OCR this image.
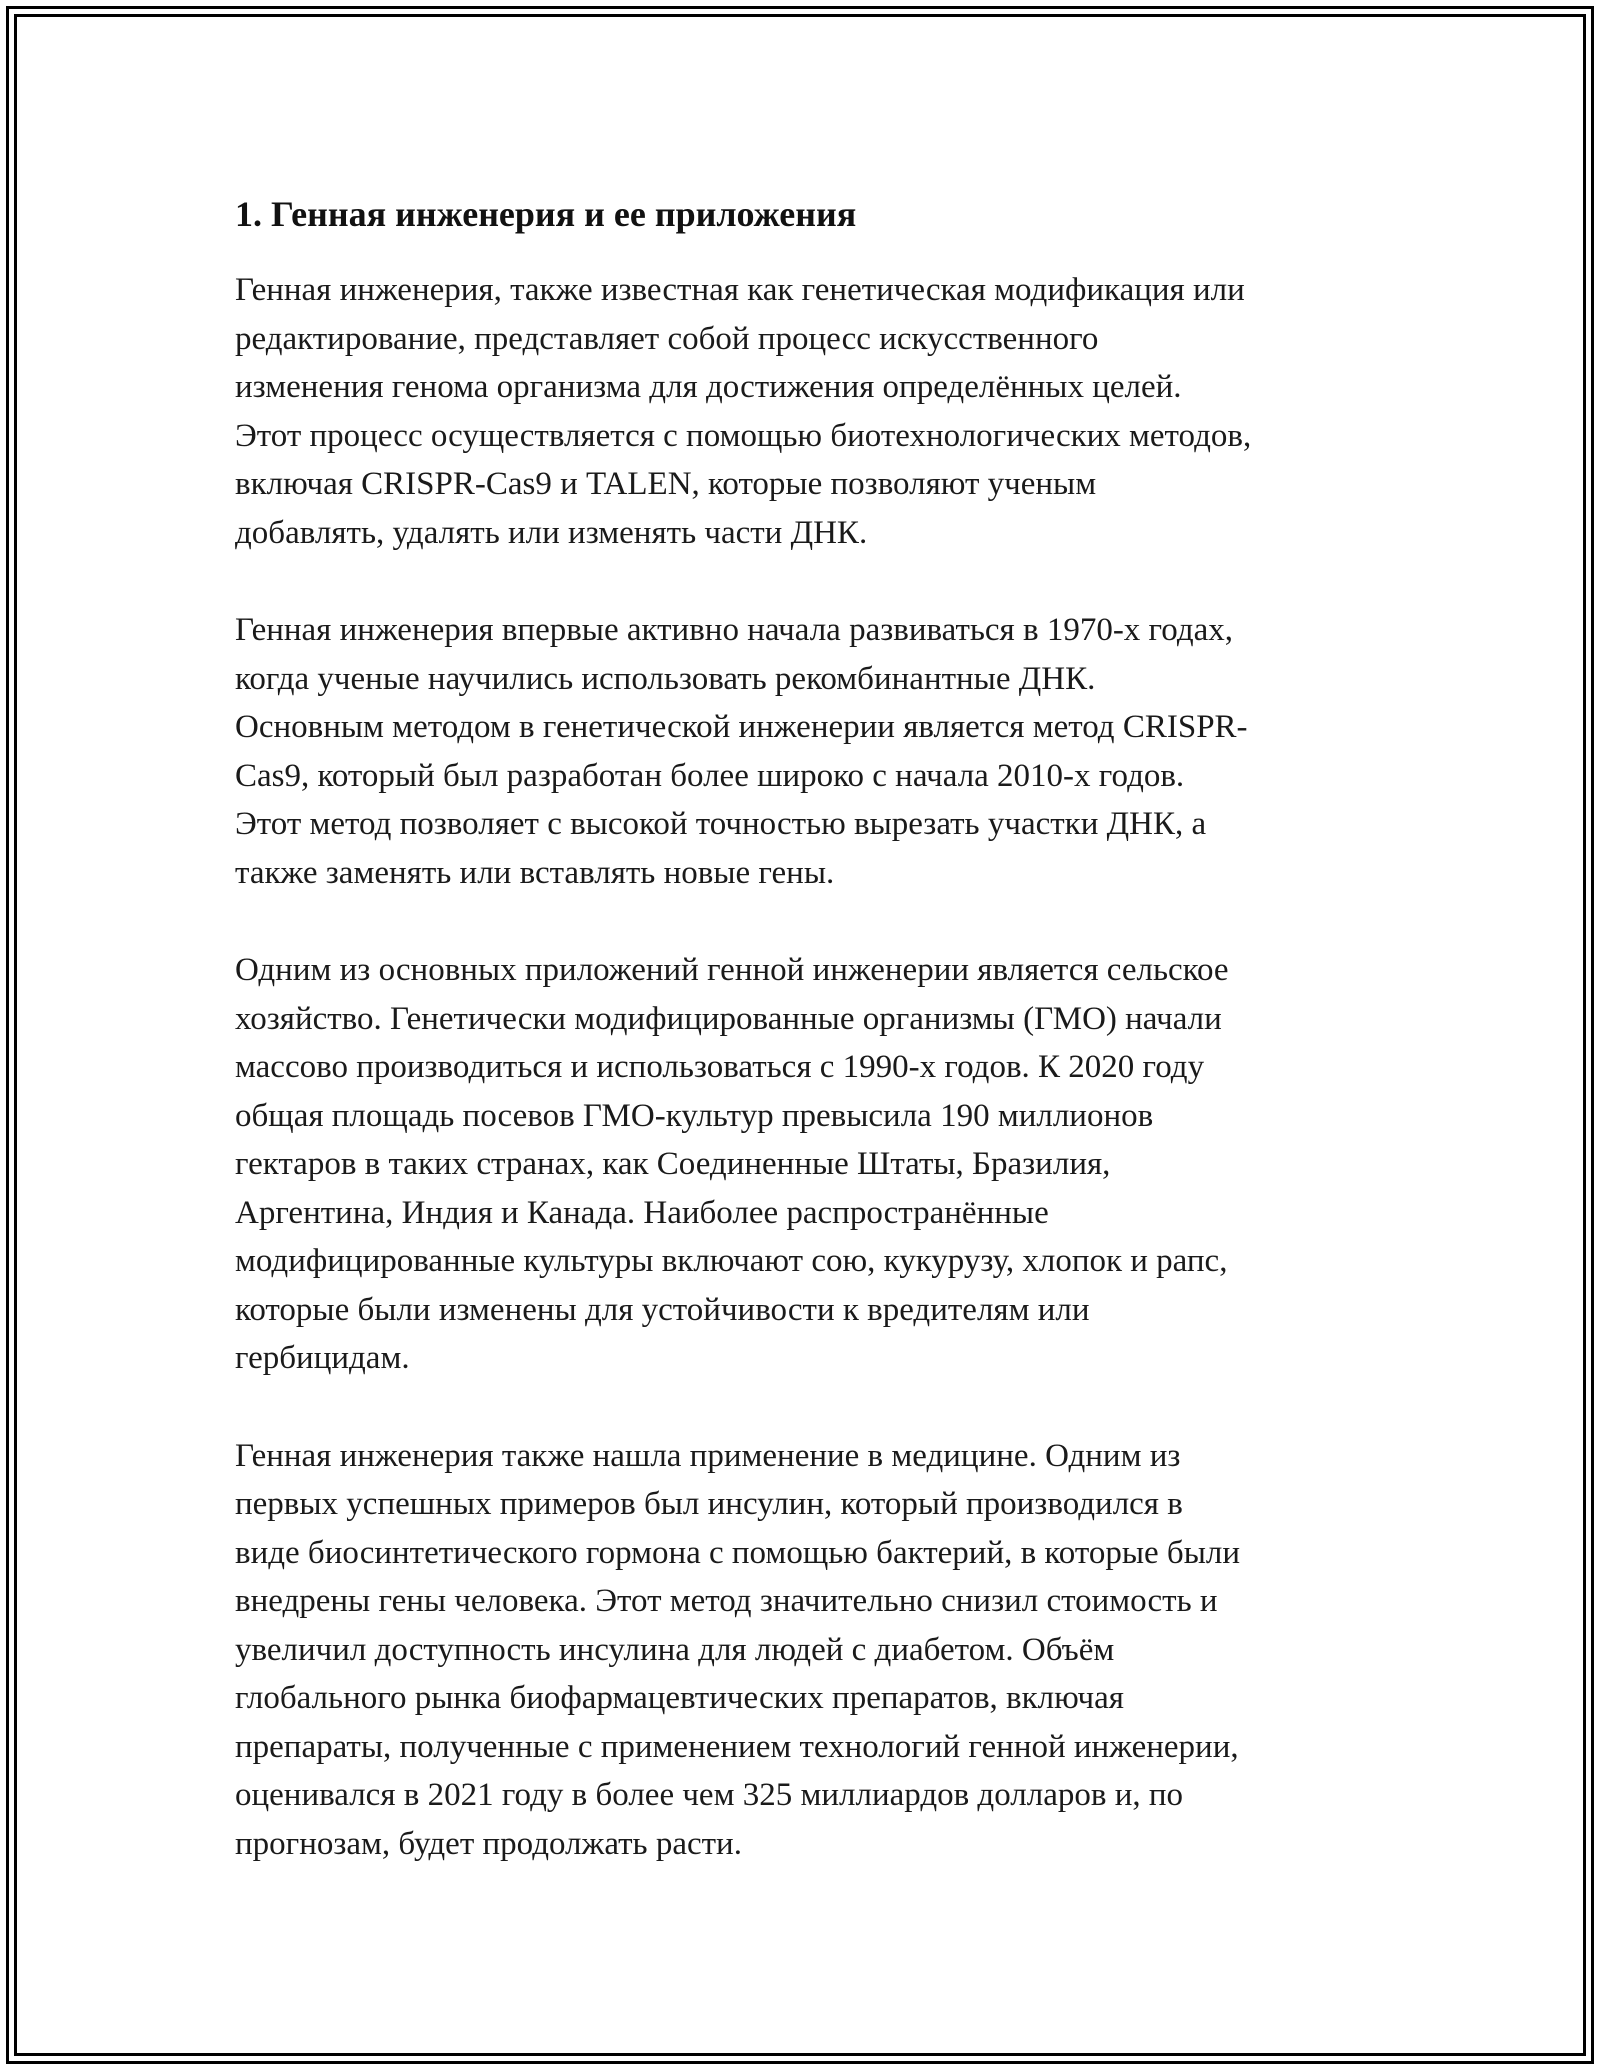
1. Генная инженерия и ее приложения

Генная инженерия, также известная как генетическая модификация или
редактирование, представляет собой процесс искусственного
изменения генома организма для достижения определённых целей.
Этот процесс осуществляется с помощью биотехнологических методов,
включая CRISPR-Cas9 и TALEN, которые позволяют ученым
добавлять, удалять или изменять части ДНК.

Генная инженерия впервые активно начала развиваться в 1970-х годах,
когда ученые научились использовать рекомбинантные ДНК.
Основным методом в генетической инженерии является метод CRISPR-
Cas9, который был разработан более широко с начала 2010-х годов.
Этот метод позволяет с высокой точностью вырезать участки ДНК, а
также заменять или вставлять новые гены.

Одним из основных приложений генной инженерии является сельское
хозяйство. Генетически модифицированные организмы (ГМО) начали
массово производиться и использоваться с 1990-х годов. К 2020 году
общая площадь посевов ГМО-культур превысила 190 миллионов
гектаров в таких странах, как Соединенные Штаты, Бразилия,
Аргентина, Индия и Канада. Наиболее распространённые
модифицированные культуры включают сою, кукурузу, хлопок и рапс,
которые были изменены для устойчивости к вредителям или
гербицидам.

Генная инженерия также нашла применение в медицине. Одним из
первых успешных примеров был инсулин, который производился в
виде биосинтетического гормона с помощью бактерий, в которые были
внедрены гены человека. Этот метод значительно снизил стоимость и
увеличил доступность инсулина для людей с диабетом. Объём
глобального рынка биофармацевтических препаратов, включая
препараты, полученные с применением технологий генной инженерии,
оценивался в 2021 году в более чем 325 миллиардов долларов и, по
прогнозам, будет продолжать расти.
